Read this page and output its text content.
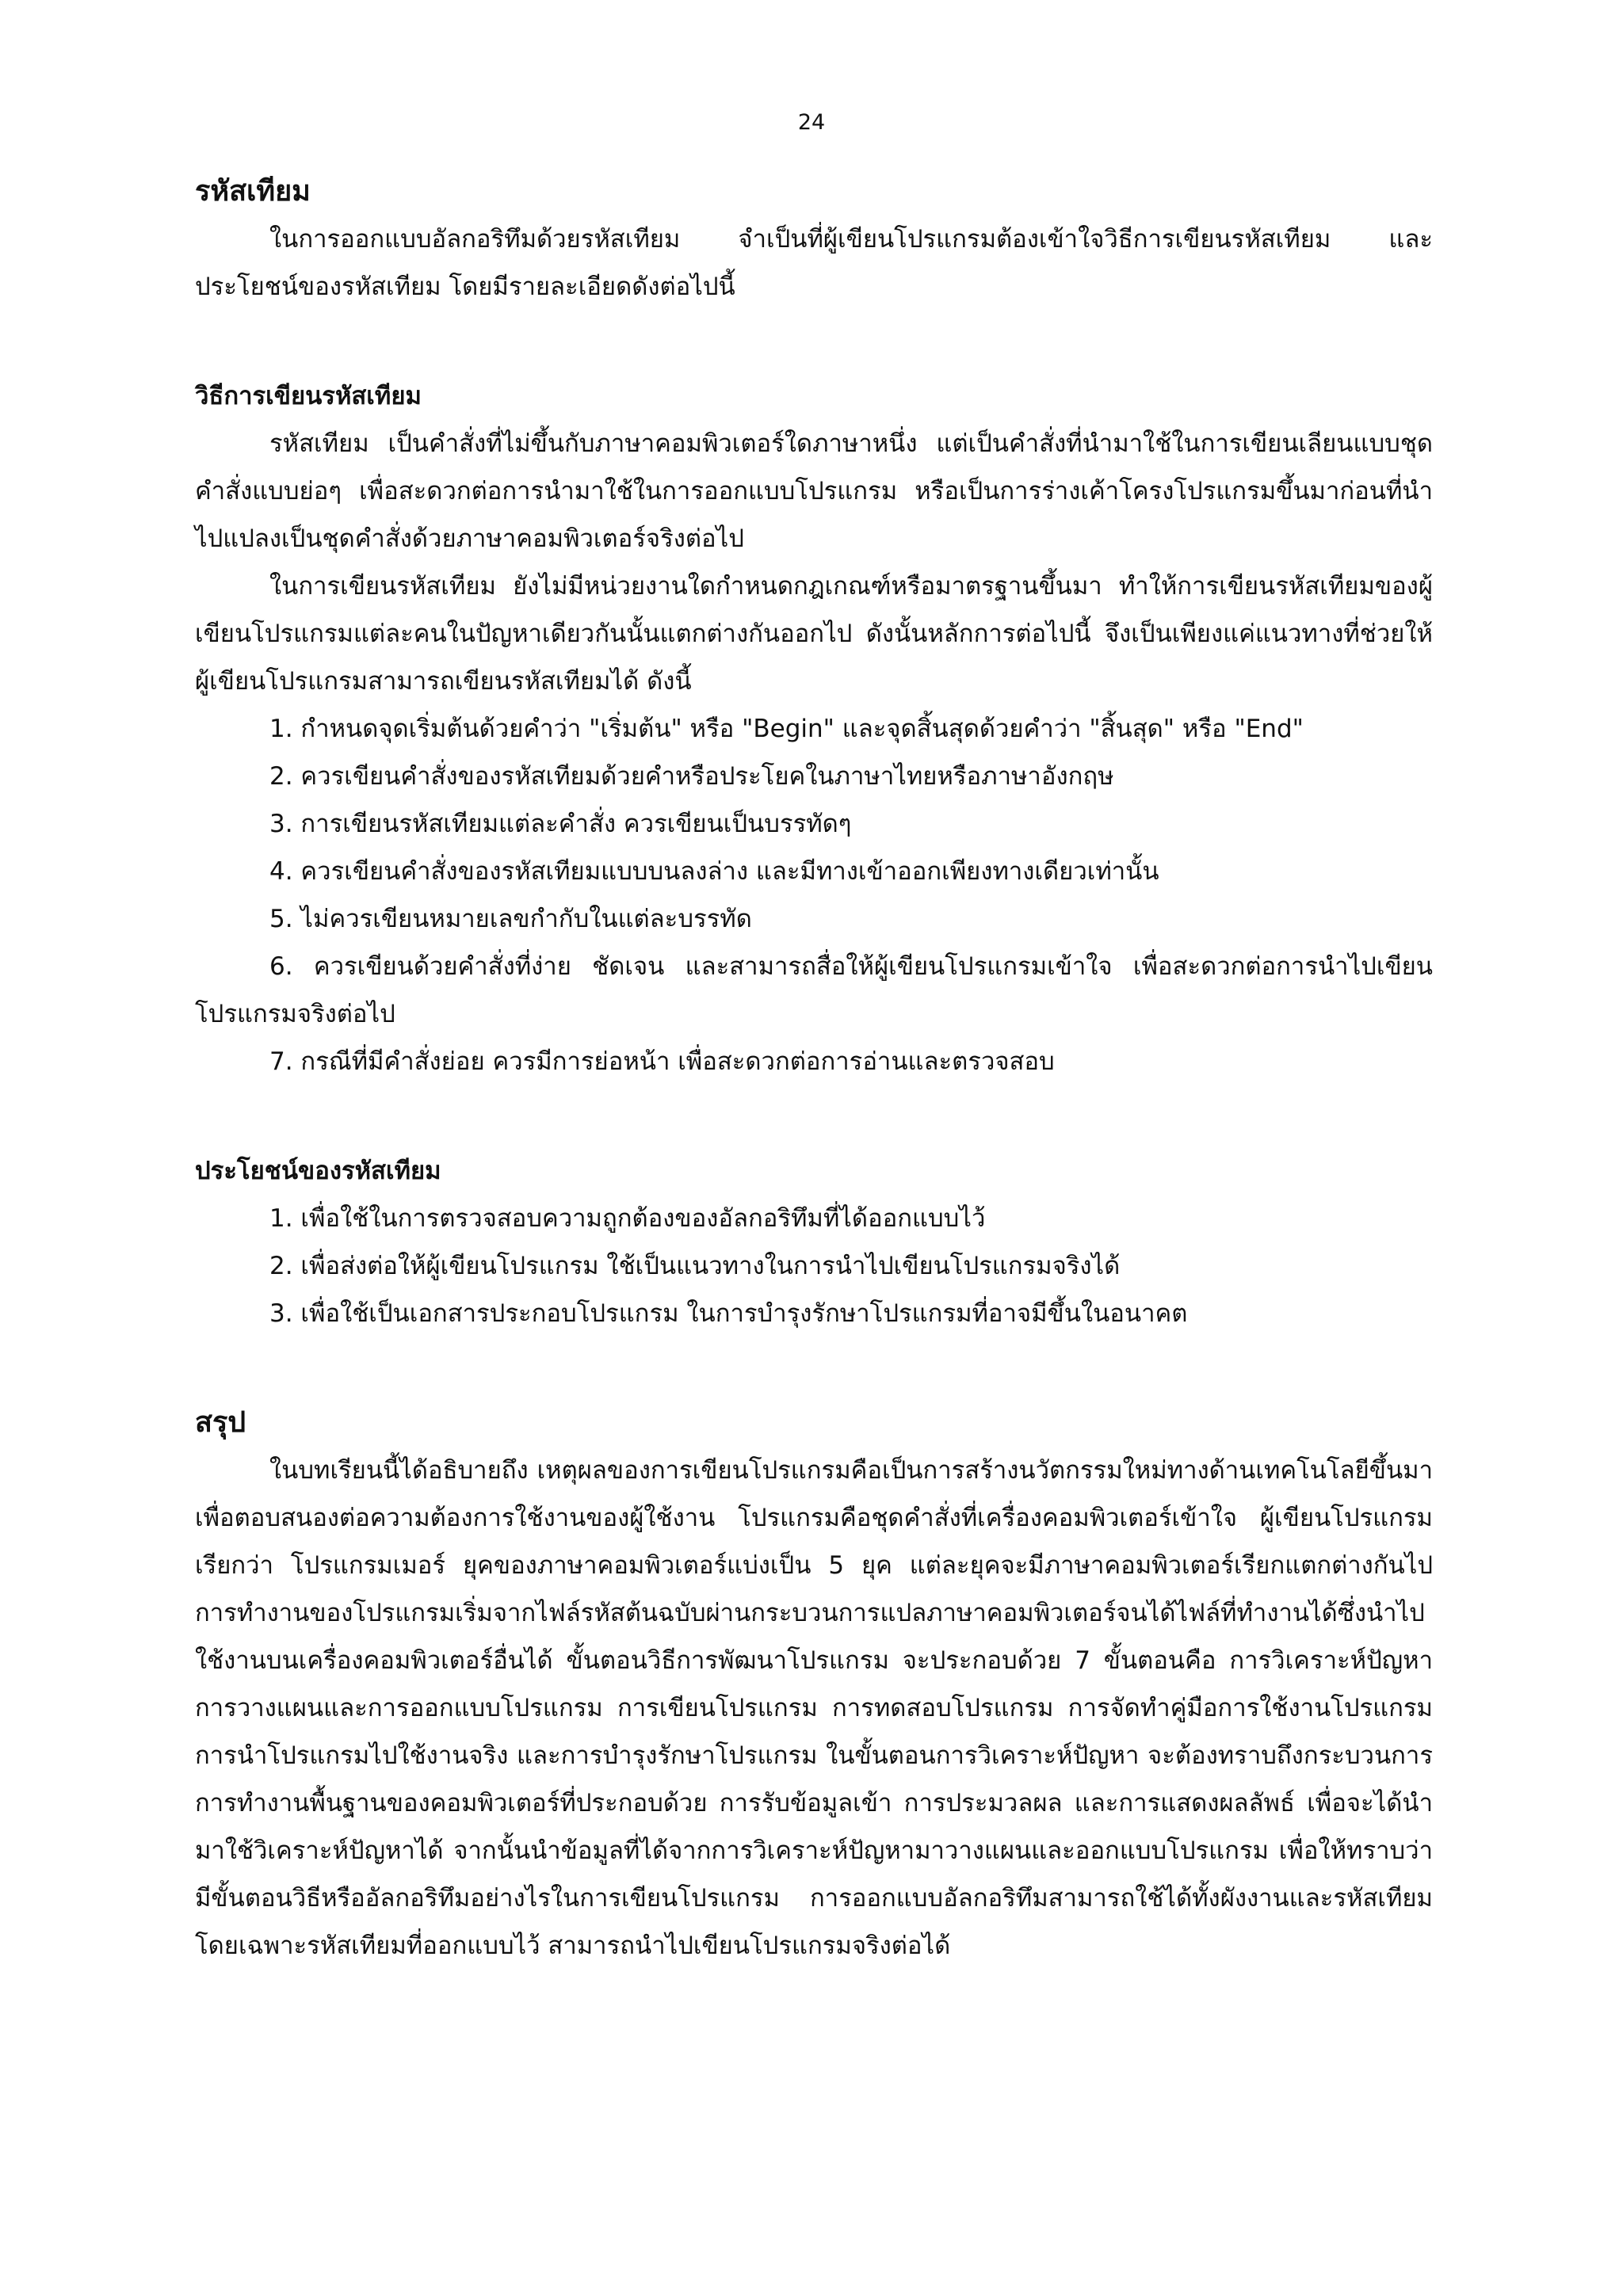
24
รหัสเทียม

ในการออกแบบอัลกอริทึมด้วยรหัสเทียม จำเป็นที่ผู้เขียนโปรแกรมต้องเข้าใจวิธีการเขียนรหัสเทียม และประโยชน์ของรหัสเทียม โดยมีรายละเอียดดังต่อไปนี้

วิธีการเขียนรหัสเทียม

รหัสเทียม เป็นคำสั่งที่ไม่ขึ้นกับภาษาคอมพิวเตอร์ใดภาษาหนึ่ง แต่เป็นคำสั่งที่นำมาใช้ในการเขียนเลียนแบบชุดคำสั่งแบบย่อๆ เพื่อสะดวกต่อการนำมาใช้ในการออกแบบโปรแกรม หรือเป็นการร่างเค้าโครงโปรแกรมขึ้นมาก่อนที่นำไปแปลงเป็นชุดคำสั่งด้วยภาษาคอมพิวเตอร์จริงต่อไป

ในการเขียนรหัสเทียม ยังไม่มีหน่วยงานใดกำหนดกฎเกณฑ์หรือมาตรฐานขึ้นมา ทำให้การเขียนรหัสเทียมของผู้เขียนโปรแกรมแต่ละคนในปัญหาเดียวกันนั้นแตกต่างกันออกไป ดังนั้นหลักการต่อไปนี้ จึงเป็นเพียงแค่แนวทางที่ช่วยให้ผู้เขียนโปรแกรมสามารถเขียนรหัสเทียมได้ ดังนี้

1. กำหนดจุดเริ่มต้นด้วยคำว่า "เริ่มต้น" หรือ "Begin" และจุดสิ้นสุดด้วยคำว่า "สิ้นสุด" หรือ "End"
2. ควรเขียนคำสั่งของรหัสเทียมด้วยคำหรือประโยคในภาษาไทยหรือภาษาอังกฤษ
3. การเขียนรหัสเทียมแต่ละคำสั่ง ควรเขียนเป็นบรรทัดๆ
4. ควรเขียนคำสั่งของรหัสเทียมแบบบนลงล่าง และมีทางเข้าออกเพียงทางเดียวเท่านั้น
5. ไม่ควรเขียนหมายเลขกำกับในแต่ละบรรทัด
6. ควรเขียนด้วยคำสั่งที่ง่าย ชัดเจน และสามารถสื่อให้ผู้เขียนโปรแกรมเข้าใจ เพื่อสะดวกต่อการนำไปเขียนโปรแกรมจริงต่อไป
7. กรณีที่มีคำสั่งย่อย ควรมีการย่อหน้า เพื่อสะดวกต่อการอ่านและตรวจสอบ
ประโยชน์ของรหัสเทียม
1. เพื่อใช้ในการตรวจสอบความถูกต้องของอัลกอริทึมที่ได้ออกแบบไว้
2. เพื่อส่งต่อให้ผู้เขียนโปรแกรม ใช้เป็นแนวทางในการนำไปเขียนโปรแกรมจริงได้
3. เพื่อใช้เป็นเอกสารประกอบโปรแกรม ในการบำรุงรักษาโปรแกรมที่อาจมีขึ้นในอนาคต
สรุป

ในบทเรียนนี้ได้อธิบายถึง เหตุผลของการเขียนโปรแกรมคือเป็นการสร้างนวัตกรรมใหม่ทางด้านเทคโนโลยีขึ้นมา เพื่อตอบสนองต่อความต้องการใช้งานของผู้ใช้งาน โปรแกรมคือชุดคำสั่งที่เครื่องคอมพิวเตอร์เข้าใจ ผู้เขียนโปรแกรมเรียกว่า โปรแกรมเมอร์ ยุคของภาษาคอมพิวเตอร์แบ่งเป็น 5 ยุค แต่ละยุคจะมีภาษาคอมพิวเตอร์เรียกแตกต่างกันไป การทำงานของโปรแกรมเริ่มจากไฟล์รหัสต้นฉบับผ่านกระบวนการแปลภาษาคอมพิวเตอร์จนได้ไฟล์ที่ทำงานได้ซึ่งนำไปใช้งานบนเครื่องคอมพิวเตอร์อื่นได้ ขั้นตอนวิธีการพัฒนาโปรแกรม จะประกอบด้วย 7 ขั้นตอนคือ การวิเคราะห์ปัญหา การวางแผนและการออกแบบโปรแกรม การเขียนโปรแกรม การทดสอบโปรแกรม การจัดทำคู่มือการใช้งานโปรแกรม การนำโปรแกรมไปใช้งานจริง และการบำรุงรักษาโปรแกรม ในขั้นตอนการวิเคราะห์ปัญหา จะต้องทราบถึงกระบวนการการทำงานพื้นฐานของคอมพิวเตอร์ที่ประกอบด้วย การรับข้อมูลเข้า การประมวลผล และการแสดงผลลัพธ์ เพื่อจะได้นำมาใช้วิเคราะห์ปัญหาได้ จากนั้นนำข้อมูลที่ได้จากการวิเคราะห์ปัญหามาวางแผนและออกแบบโปรแกรม เพื่อให้ทราบว่า มีขั้นตอนวิธีหรืออัลกอริทึมอย่างไรในการเขียนโปรแกรม การออกแบบอัลกอริทึมสามารถใช้ได้ทั้งผังงานและรหัสเทียม โดยเฉพาะรหัสเทียมที่ออกแบบไว้ สามารถนำไปเขียนโปรแกรมจริงต่อได้
